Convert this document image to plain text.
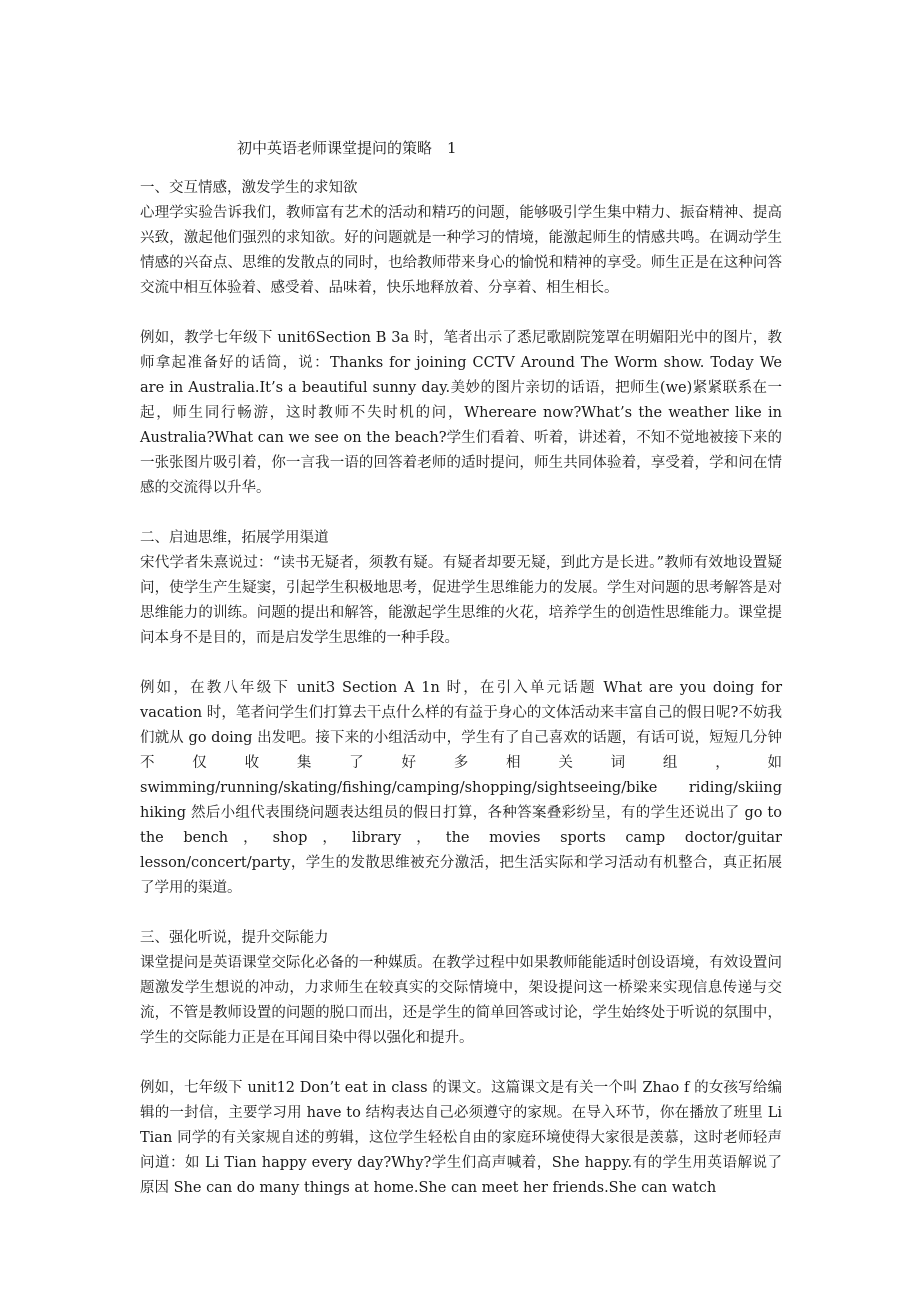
初中英语老师课堂提问的策略　1
一、交互情感，激发学生的求知欲

心理学实验告诉我们，教师富有艺术的活动和精巧的问题，能够吸引学生集中精力、振奋精神、提高兴致，激起他们强烈的求知欲。好的问题就是一种学习的情境，能激起师生的情感共鸣。在调动学生情感的兴奋点、思维的发散点的同时，也给教师带来身心的愉悦和精神的享受。师生正是在这种问答交流中相互体验着、感受着、品味着，快乐地释放着、分享着、相生相长。

例如，教学七年级下 unit6Section B 3a 时，笔者出示了悉尼歌剧院笼罩在明媚阳光中的图片，教师拿起准备好的话筒，说：Thanks for joining CCTV Around The Worm show. Today We are in Australia.It’s a beautiful sunny day.美妙的图片亲切的话语，把师生(we)紧紧联系在一起，师生同行畅游，这时教师不失时机的问，Whereare now?What’s the weather like in Australia?What can we see on the beach?学生们看着、听着，讲述着，不知不觉地被接下来的一张张图片吸引着，你一言我一语的回答着老师的适时提问，师生共同体验着，享受着，学和问在情感的交流得以升华。

二、启迪思维，拓展学用渠道

宋代学者朱熹说过：“读书无疑者，须教有疑。有疑者却要无疑，到此方是长进。”教师有效地设置疑问，使学生产生疑窦，引起学生积极地思考，促进学生思维能力的发展。学生对问题的思考解答是对思维能力的训练。问题的提出和解答，能激起学生思维的火花，培养学生的创造性思维能力。课堂提问本身不是目的，而是启发学生思维的一种手段。

例如，在教八年级下 unit3 Section A 1n 时，在引入单元话题 What are you doing for vacation 时，笔者问学生们打算去干点什么样的有益于身心的文体活动来丰富自己的假日呢?不妨我们就从 go doing 出发吧。接下来的小组活动中，学生有了自己喜欢的话题，有话可说，短短几分钟不仅收集了好多相关词组，如 swimming/running/skating/fishing/camping/shopping/sightseeing/bike riding/skiing hiking 然后小组代表围绕问题表达组员的假日打算，各种答案叠彩纷呈，有的学生还说出了 go to the bench，shop，library，the movies sports camp doctor/guitar lesson/concert/party，学生的发散思维被充分激活，把生活实际和学习活动有机整合，真正拓展了学用的渠道。

三、强化听说，提升交际能力

课堂提问是英语课堂交际化必备的一种媒质。在教学过程中如果教师能能适时创设语境，有效设置问题激发学生想说的冲动，力求师生在较真实的交际情境中，架设提问这一桥梁来实现信息传递与交流，不管是教师设置的问题的脱口而出，还是学生的简单回答或讨论，学生始终处于听说的氛围中，学生的交际能力正是在耳闻目染中得以强化和提升。

例如，七年级下 unit12 Don’t eat in class 的课文。这篇课文是有关一个叫 Zhao f 的女孩写给编辑的一封信，主要学习用 have to 结构表达自己必须遵守的家规。在导入环节，你在播放了班里 Li Tian 同学的有关家规自述的剪辑，这位学生轻松自由的家庭环境使得大家很是羡慕，这时老师轻声问道：如 Li Tian happy every day?Why?学生们高声喊着，She happy.有的学生用英语解说了原因 She can do many things at home.She can meet her friends.She can watch
